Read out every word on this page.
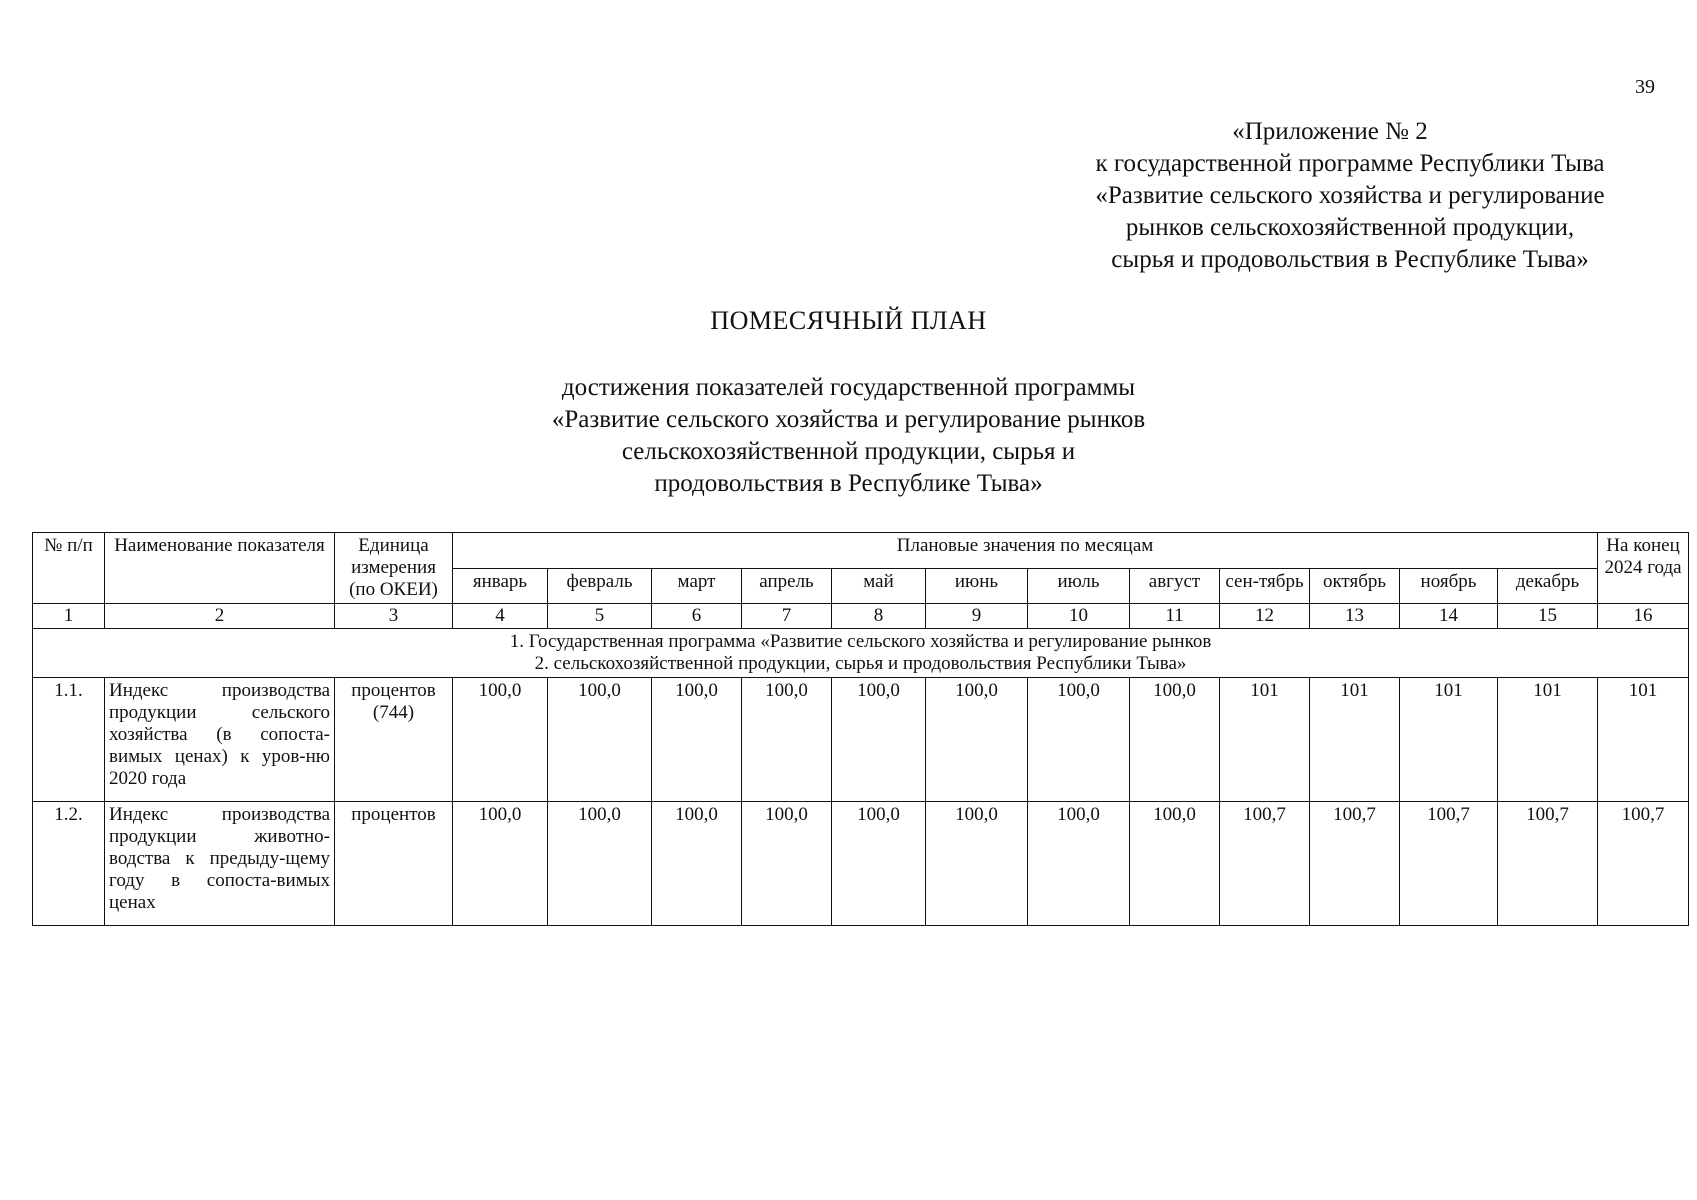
39
«Приложение № 2
к государственной программе Республики Тыва
«Развитие сельского хозяйства и регулирование
рынков сельскохозяйственной продукции,
сырья и продовольствия в Республике Тыва»
ПОМЕСЯЧНЫЙ ПЛАН
достижения показателей государственной программы
«Развитие сельского хозяйства и регулирование рынков
сельскохозяйственной продукции, сырья и
продовольствия в Республике Тыва»
№ п/п	Наименование показателя	Единица измерения (по ОКЕИ)	Плановые значения по месяцам												На конец 2024 года
			январь	февраль	март	апрель	май	июнь	июль	август	сен-тябрь	октябрь	ноябрь	декабрь	
1	2	3	4	5	6	7	8	9	10	11	12	13	14	15	16

1. Государственная программа «Развитие сельского хозяйства и регулирование рынков
2. сельскохозяйственной продукции, сырья и продовольствия Республики Тыва»															

1.1.	Индекс производства продукции сельского хозяйства (в сопоста-вимых ценах) к уров-ню 2020 года	процентов (744)	100,0	100,0	100,0	100,0	100,0	100,0	100,0	100,0	101	101	101	101	101
1.2.	Индекс производства продукции животно-водства к предыду-щему году в сопоста-вимых ценах	процентов	100,0	100,0	100,0	100,0	100,0	100,0	100,0	100,0	100,7	100,7	100,7	100,7	100,7
